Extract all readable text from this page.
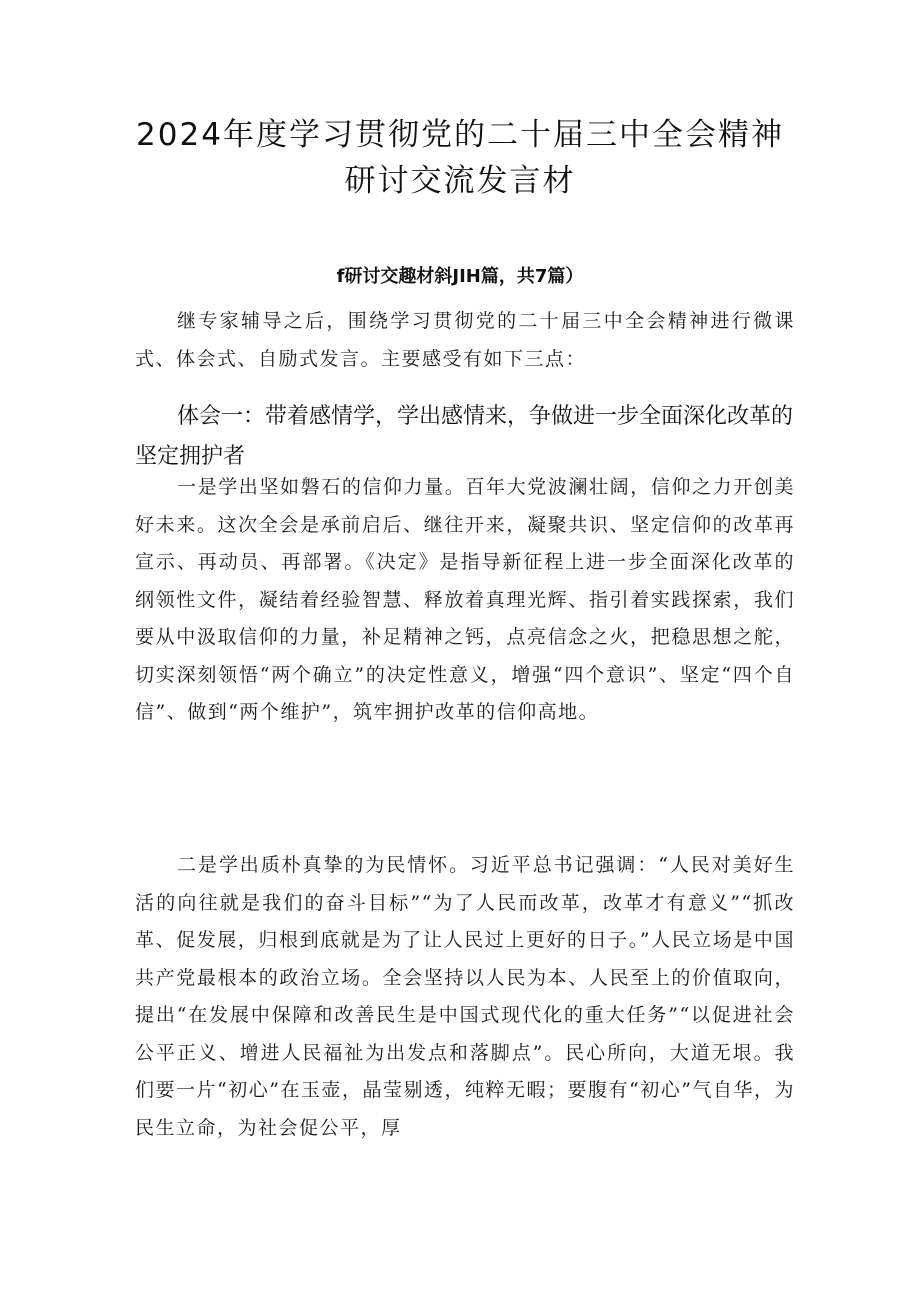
2024年度学习贯彻党的二十届三中全会精神研讨交流发言材
f研讨交趣材斜JIH篇，共7篇）

继专家辅导之后，围绕学习贯彻党的二十届三中全会精神进行微课式、体会式、自励式发言。主要感受有如下三点：

体会一：带着感情学，学出感情来，争做进一步全面深化改革的坚定拥护者

一是学出坚如磐石的信仰力量。百年大党波澜壮阔，信仰之力开创美好未来。这次全会是承前启后、继往开来，凝聚共识、坚定信仰的改革再宣示、再动员、再部署。《决定》是指导新征程上进一步全面深化改革的纲领性文件，凝结着经验智慧、释放着真理光辉、指引着实践探索，我们要从中汲取信仰的力量，补足精神之钙，点亮信念之火，把稳思想之舵，切实深刻领悟“两个确立”的决定性意义，增强“四个意识”、坚定“四个自信”、做到“两个维护”，筑牢拥护改革的信仰高地。

二是学出质朴真挚的为民情怀。习近平总书记强调：“人民对美好生活的向往就是我们的奋斗目标”“为了人民而改革，改革才有意义”“抓改革、促发展，归根到底就是为了让人民过上更好的日子。”人民立场是中国共产党最根本的政治立场。全会坚持以人民为本、人民至上的价值取向，提出“在发展中保障和改善民生是中国式现代化的重大任务”“以促进社会公平正义、增进人民福祉为出发点和落脚点”。民心所向，大道无垠。我们要一片“初心”在玉壶，晶莹剔透，纯粹无暇；要腹有“初心”气自华，为民生立命，为社会促公平，厚
